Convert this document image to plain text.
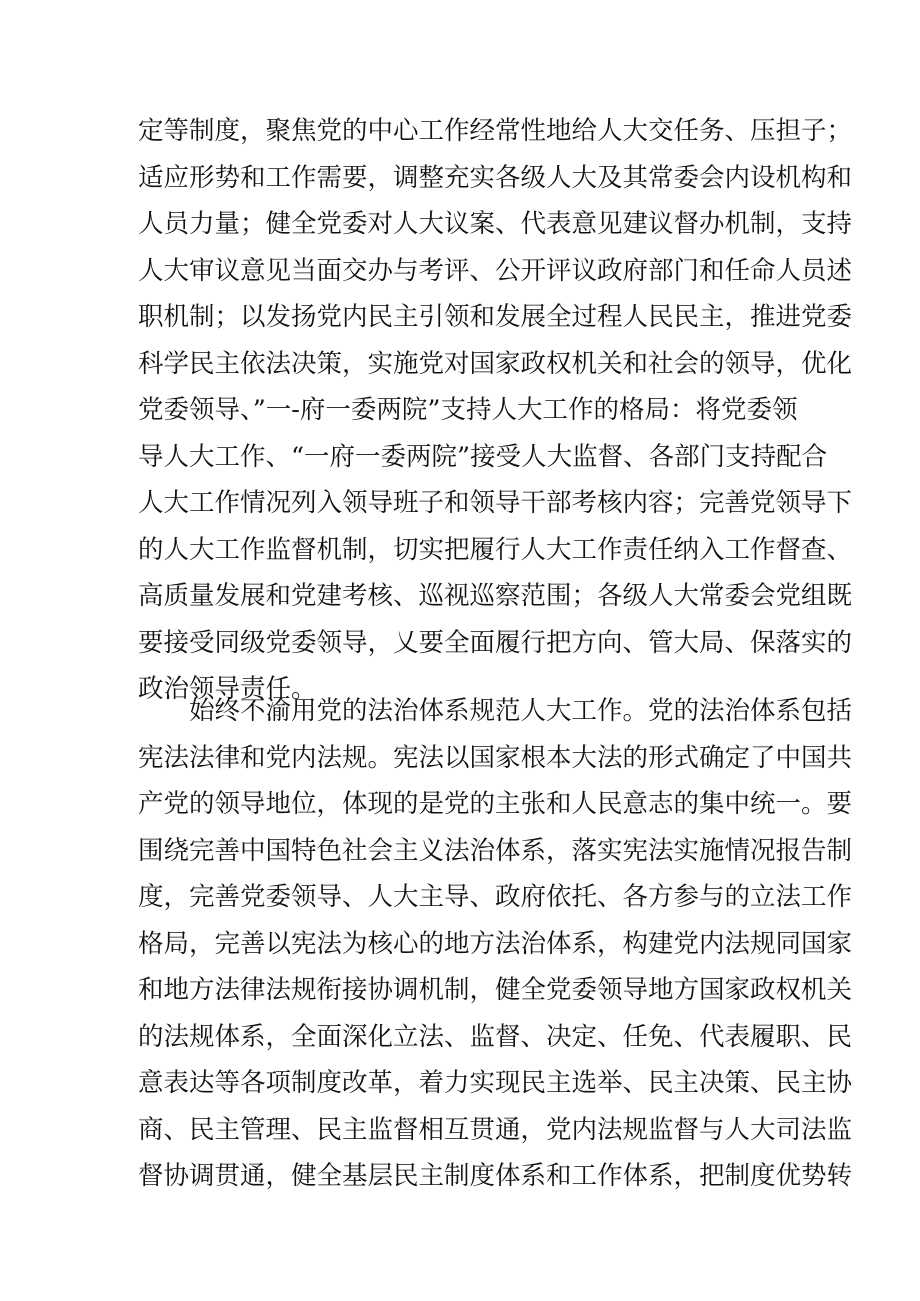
定等制度，聚焦党的中心工作经常性地给人大交任务、压担子；
适应形势和工作需要，调整充实各级人大及其常委会内设机构和
人员力量；健全党委对人大议案、代表意见建议督办机制，支持
人大审议意见当面交办与考评、公开评议政府部门和任命人员述
职机制；以发扬党内民主引领和发展全过程人民民主，推进党委
科学民主依法决策，实施党对国家政权机关和社会的领导，优化
党委领导、”一-府一委两院”支持人大工作的格局：将党委领
导人大工作、“一府一委两院”接受人大监督、各部门支持配合
人大工作情况列入领导班子和领导干部考核内容；完善党领导下
的人大工作监督机制，切实把履行人大工作责任纳入工作督查、
高质量发展和党建考核、巡视巡察范围；各级人大常委会党组既
要接受同级党委领导，乂要全面履行把方向、管大局、保落实的
政治领导责任。
始终不渝用党的法治体系规范人大工作。党的法治体系包括
宪法法律和党内法规。宪法以国家根本大法的形式确定了中国共
产党的领导地位，体现的是党的主张和人民意志的集中统一。要
围绕完善中国特色社会主义法治体系，落实宪法实施情况报告制
度，完善党委领导、人大主导、政府依托、各方参与的立法工作
格局，完善以宪法为核心的地方法治体系，构建党内法规同国家
和地方法律法规衔接协调机制，健全党委领导地方国家政权机关
的法规体系，全面深化立法、监督、决定、任免、代表履职、民
意表达等各项制度改革，着力实现民主选举、民主决策、民主协
商、民主管理、民主监督相互贯通，党内法规监督与人大司法监
督协调贯通，健全基层民主制度体系和工作体系，把制度优势转
